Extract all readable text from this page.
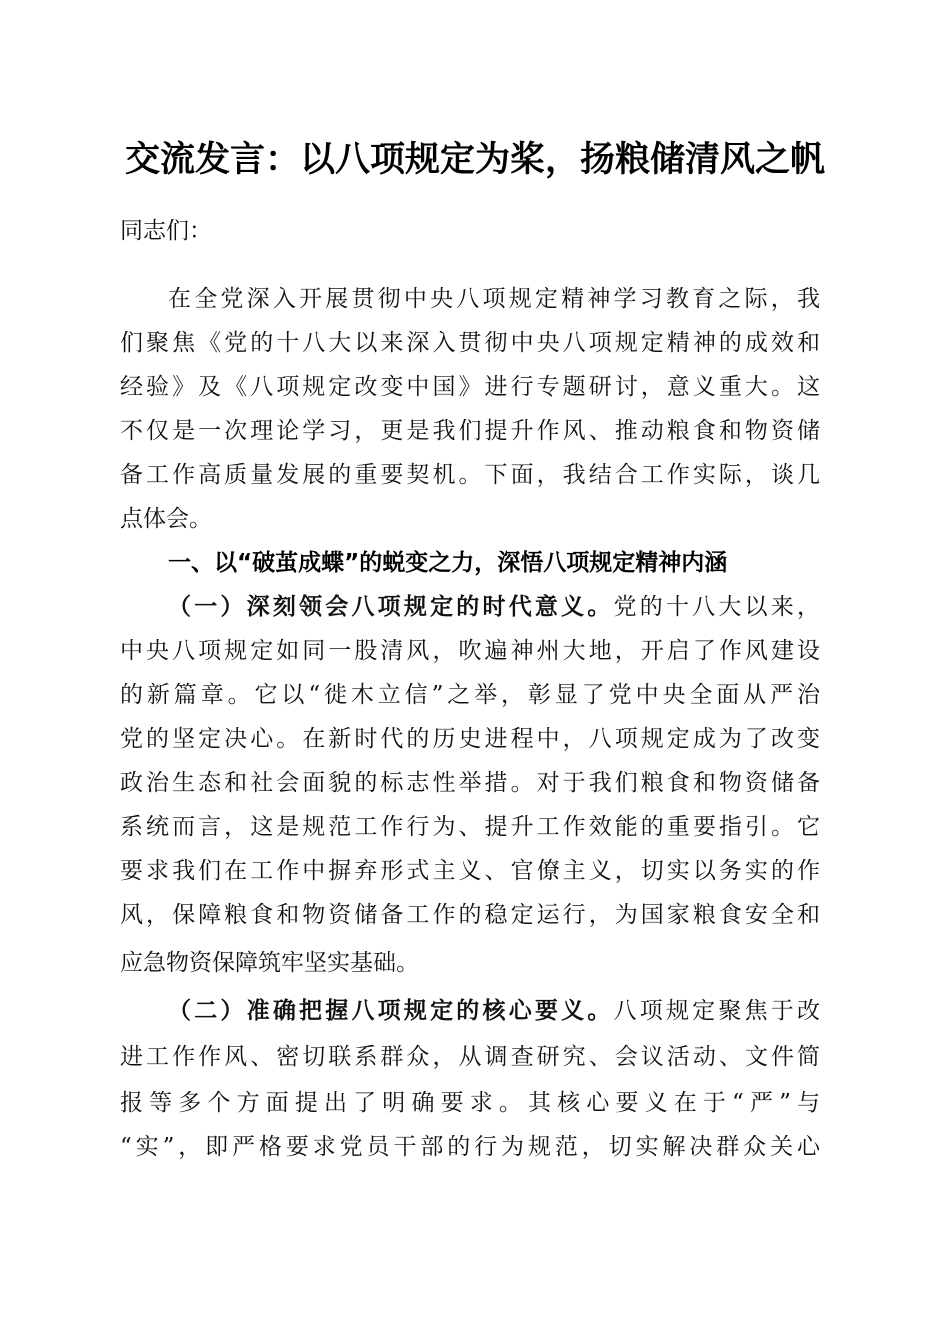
交流发言：以八项规定为桨，扬粮储清风之帆
同志们：
在全党深入开展贯彻中央八项规定精神学习教育之际，我
们聚焦《党的十八大以来深入贯彻中央八项规定精神的成效和
经验》及《八项规定改变中国》进行专题研讨，意义重大。这
不仅是一次理论学习，更是我们提升作风、推动粮食和物资储
备工作高质量发展的重要契机。下面，我结合工作实际，谈几
点体会。
一、以“破茧成蝶”的蜕变之力，深悟八项规定精神内涵
（一）深刻领会八项规定的时代意义。党的十八大以来，
中央八项规定如同一股清风，吹遍神州大地，开启了作风建设
的新篇章。它以“徙木立信”之举，彰显了党中央全面从严治
党的坚定决心。在新时代的历史进程中，八项规定成为了改变
政治生态和社会面貌的标志性举措。对于我们粮食和物资储备
系统而言，这是规范工作行为、提升工作效能的重要指引。它
要求我们在工作中摒弃形式主义、官僚主义，切实以务实的作
风，保障粮食和物资储备工作的稳定运行，为国家粮食安全和
应急物资保障筑牢坚实基础。
（二）准确把握八项规定的核心要义。八项规定聚焦于改
进工作作风、密切联系群众，从调查研究、会议活动、文件简
报等多个方面提出了明确要求。其核心要义在于“严”与
“实”，即严格要求党员干部的行为规范，切实解决群众关心
